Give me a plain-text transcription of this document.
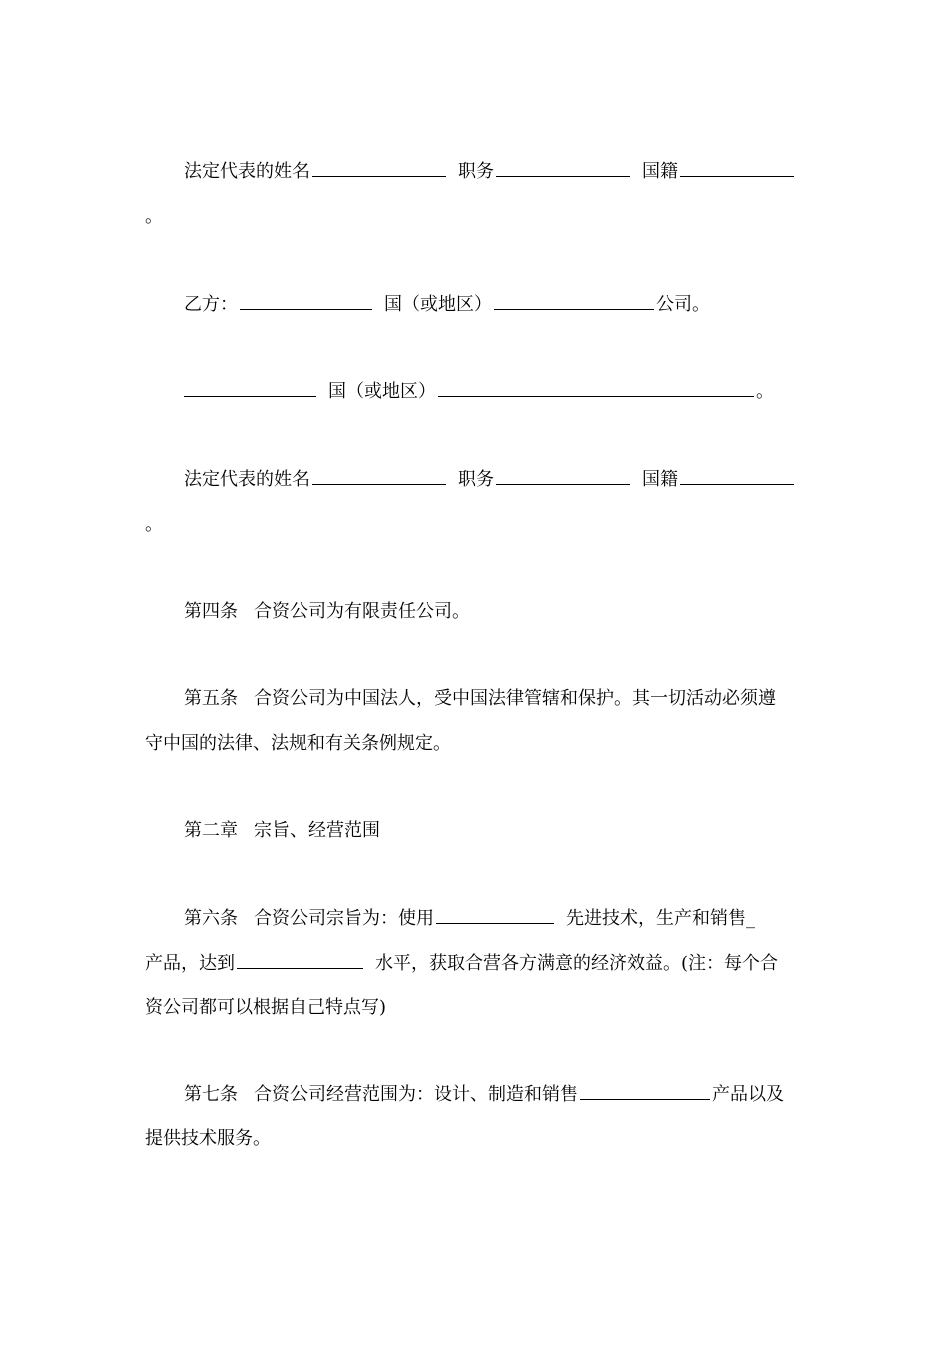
法定代表的姓名	职务	国籍
。
乙方：	国（或地区）	公司。
国（或地区）	。
法定代表的姓名	职务	国籍
。
第四条 合资公司为有限责任公司。
第五条 合资公司为中国法人，受中国法律管辖和保护。其一切活动必须遵
守中国的法律、法规和有关条例规定。
第二章 宗旨、经营范围
第六条 合资公司宗旨为：使用	先进技术，生产和销售_
产品，达到	水平，获取合营各方满意的经济效益。(注：每个合
资公司都可以根据自己特点写)
第七条 合资公司经营范围为：设计、制造和销售	产品以及
提供技术服务。
